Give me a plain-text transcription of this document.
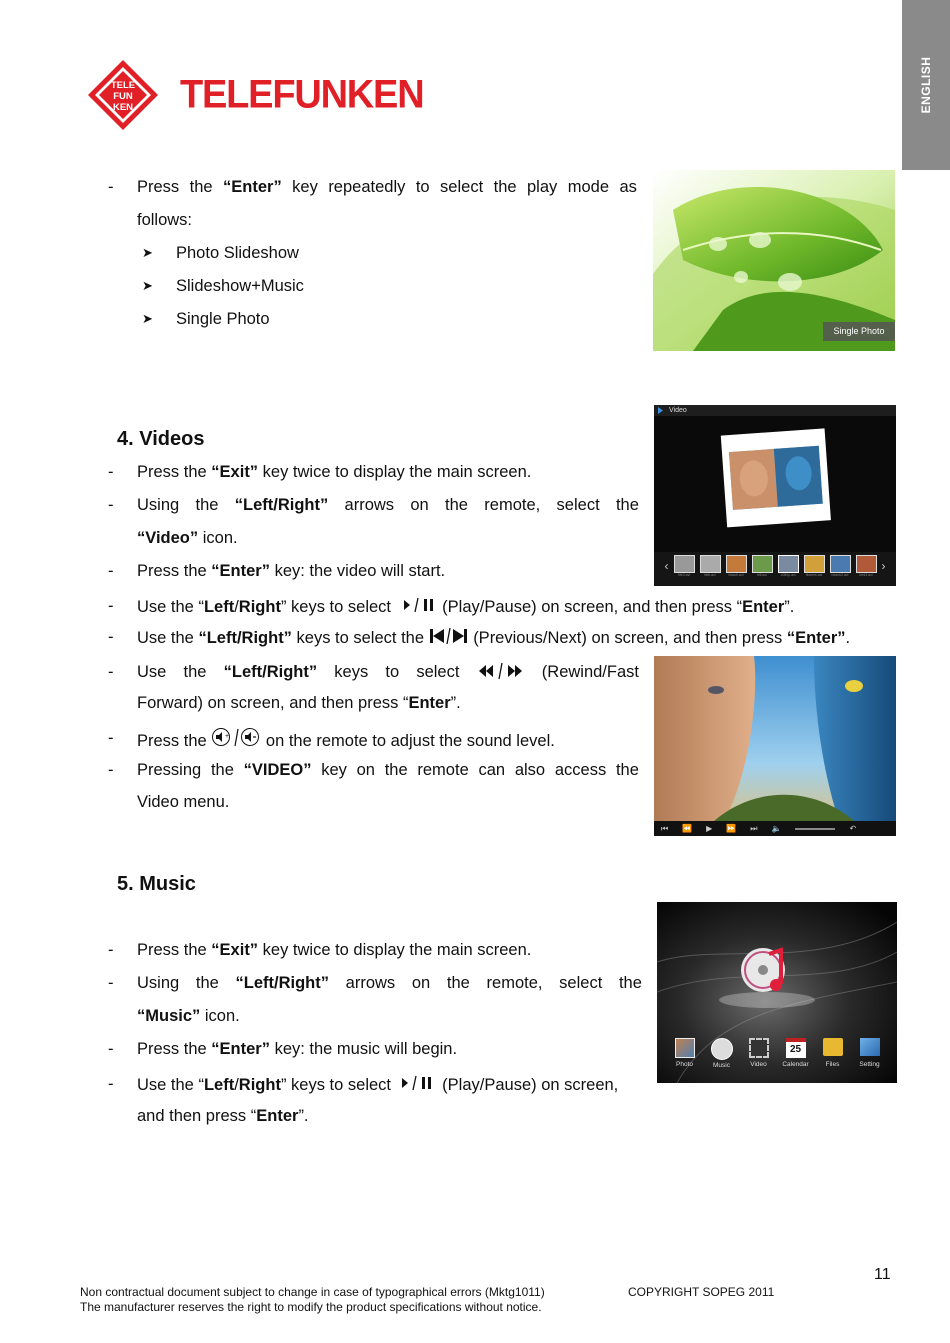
ENGLISH
TELE
FUN
KEN TELEFUNKEN
- Press the “Enter” key repeatedly to select the play mode as
follows:
➤ Photo Slideshow
➤ Slideshow+Music
➤ Single Photo
Single Photo
4. Videos
- Press the “Exit” key twice to display the main screen.
- Using the “Left/Right” arrows on the remote, select the
“Video” icon.
- Press the “Enter” key: the video will start.
- Use the “Left/Right” keys to select	(Play/Pause) on screen, and then press “Enter”.
- Use the “Left/Right” keys to select the	(Previous/Next) on screen, and then press “Enter”.
- Use the “Left/Right” keys to select	(Rewind/Fast
Forward) on screen, and then press “Enter”.
- Press the + on the remote to adjust the sound level.
- Pressing the “VIDEO” key on the remote can also access the
Video menu.
Video
‹
5fe3.avi	bbb.avi	beach.avi	hill.avi	1080p.avi	flowers.avi	beach2.avi	bird3.avi
›
⏮ ⏪ ▶ ⏩ ⏭ 🔈	↶
5. Music
- Press the “Exit” key twice to display the main screen.
- Using the “Left/Right” arrows on the remote, select the
“Music” icon.
- Press the “Enter” key: the music will begin.
- Use the “Left/Right” keys to select	(Play/Pause) on screen,
and then press “Enter”.
Photo	Music	Video
25
Calendar	Files	Setting
11
Non contractual document subject to change in case of typographical errors (Mktg1011)	COPYRIGHT SOPEG 2011
The manufacturer reserves the right to modify the product specifications without notice.
